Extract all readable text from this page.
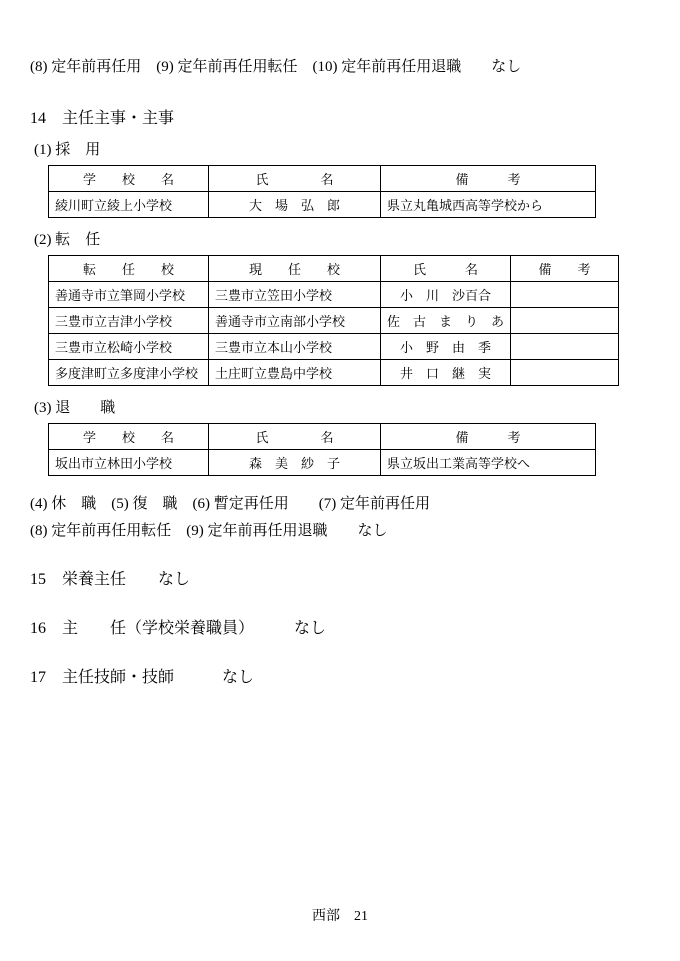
(8) 定年前再任用　(9) 定年前再任用転任　(10) 定年前再任用退職　　なし
14　主任主事・主事
(1) 採　用
学　　校　　名	氏　　　　名	備　　　考
綾川町立綾上小学校	大　場　弘　郎	県立丸亀城西高等学校から
(2) 転　任
転　　任　　校	現　　任　　校	氏　　　名	備　　考
善通寺市立筆岡小学校	三豊市立笠田小学校	小　川　沙百合	
三豊市立吉津小学校	善通寺市立南部小学校	佐　古　ま　り　あ	
三豊市立松崎小学校	三豊市立本山小学校	小　野　由　季	
多度津町立多度津小学校	土庄町立豊島中学校	井　口　継　実	
(3) 退　　職
学　　校　　名	氏　　　　名	備　　　考
坂出市立林田小学校	森　美　紗　子	県立坂出工業高等学校へ
(4) 休　職　(5) 復　職　(6) 暫定再任用　　(7) 定年前再任用
(8) 定年前再任用転任　(9) 定年前再任用退職　　なし
15　栄養主任　　なし
16　主　　任（学校栄養職員）　　　なし
17　主任技師・技師　　　なし
西部　21
